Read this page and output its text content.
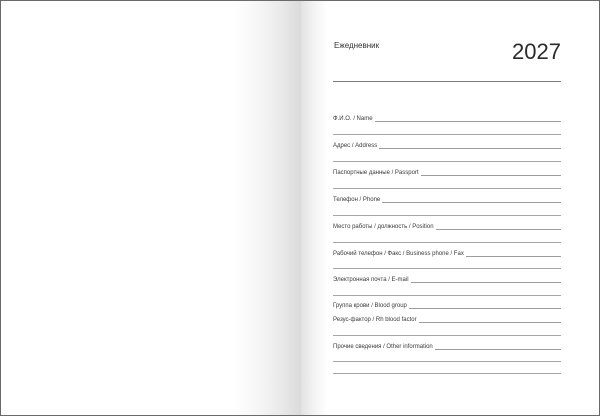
Ежедневник	2027
Ф.И.О. / Name
Адрес / Address
Паспортные данные / Passport
Телефон / Phone
Место работы / должность / Position
Рабочий телефон / Факс / Business phone / Fax
Электронная почта / E-mail
Группа крови / Blood group
Резус-фактор / Rh blood factor
Прочие сведения / Other information
